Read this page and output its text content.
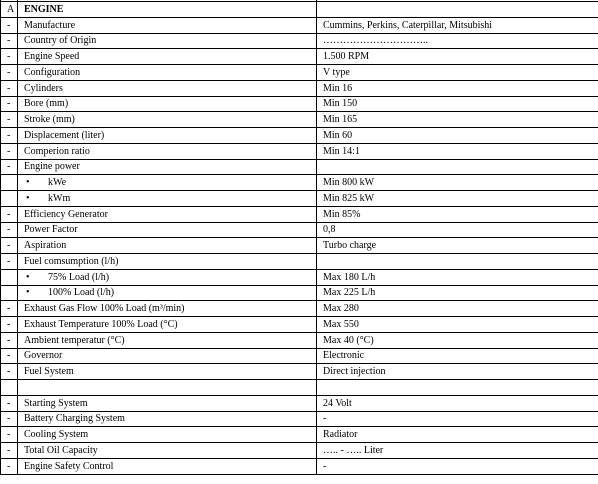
A	ENGINE	
-	Manufacture	Cummins, Perkins, Caterpillar, Mitsubishi
-	Country of Origin	…………………………..
-	Engine Speed	1.500 RPM
-	Configuration	V type
-	Cylinders	Min 16
-	Bore (mm)	Min 150
-	Stroke (mm)	Min 165
-	Displacement (liter)	Min 60
-	Comperion ratio	Min 14:1
-	Engine power	
	• kWe	Min 800 kW
	• kWm	Min 825 kW
-	Efficiency Generator	Min 85%
-	Power Factor	0,8
-	Aspiration	Turbo charge
-	Fuel comsumption (l/h)	
	• 75% Load (l/h)	Max 180 L/h
	• 100% Load (l/h)	Max 225 L/h
-	Exhaust Gas Flow 100% Load (m³/min)	Max 280
-	Exhaust Temperature 100% Load (°C)	Max 550
-	Ambient temperatur (°C)	Max 40 (°C)
-	Governor	Electronic
-	Fuel System	Direct injection

-	Starting System	24 Volt
-	Battery Charging System	-
-	Cooling System	Radiator
-	Total Oil Capacity	….. - ….. Liter
-	Engine Safety Control	-
